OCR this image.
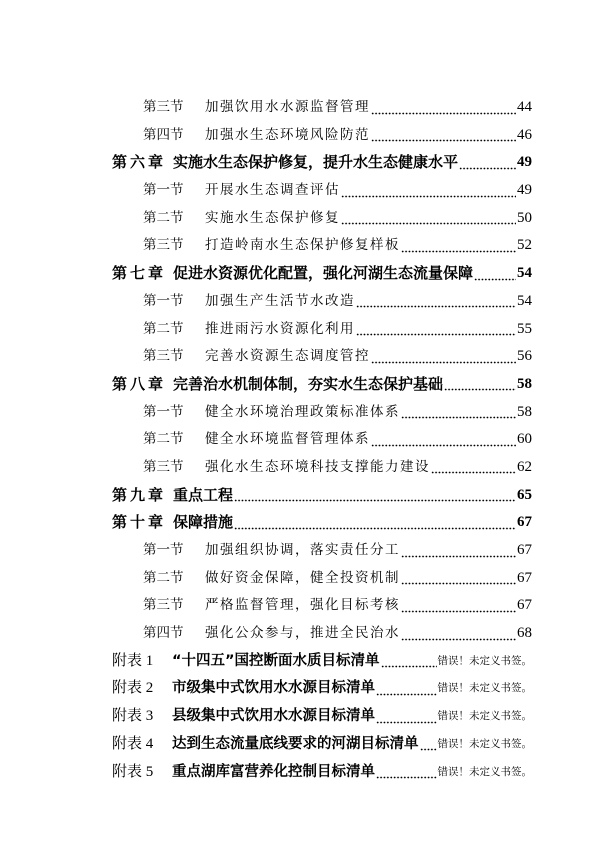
第三节	加强饮用水水源监督管理	44
第四节	加强水生态环境风险防范	46
第六章 实施水生态保护修复，提升水生态健康水平	49
第一节	开展水生态调查评估	49
第二节	实施水生态保护修复	50
第三节	打造岭南水生态保护修复样板	52
第七章 促进水资源优化配置，强化河湖生态流量保障	54
第一节	加强生产生活节水改造	54
第二节	推进雨污水资源化利用	55
第三节	完善水资源生态调度管控	56
第八章 完善治水机制体制，夯实水生态保护基础	58
第一节	健全水环境治理政策标准体系	58
第二节	健全水环境监督管理体系	60
第三节	强化水生态环境科技支撑能力建设	62
第九章 重点工程	65
第十章 保障措施	67
第一节	加强组织协调，落实责任分工	67
第二节	做好资金保障，健全投资机制	67
第三节	严格监督管理，强化目标考核	67
第四节	强化公众参与，推进全民治水	68
附表 1	“十四五”国控断面水质目标清单	错误！未定义书签。
附表 2	市级集中式饮用水水源目标清单	错误！未定义书签。
附表 3	县级集中式饮用水水源目标清单	错误！未定义书签。
附表 4	达到生态流量底线要求的河湖目标清单 错误！未定义书签。
附表 5	重点湖库富营养化控制目标清单	错误！未定义书签。
